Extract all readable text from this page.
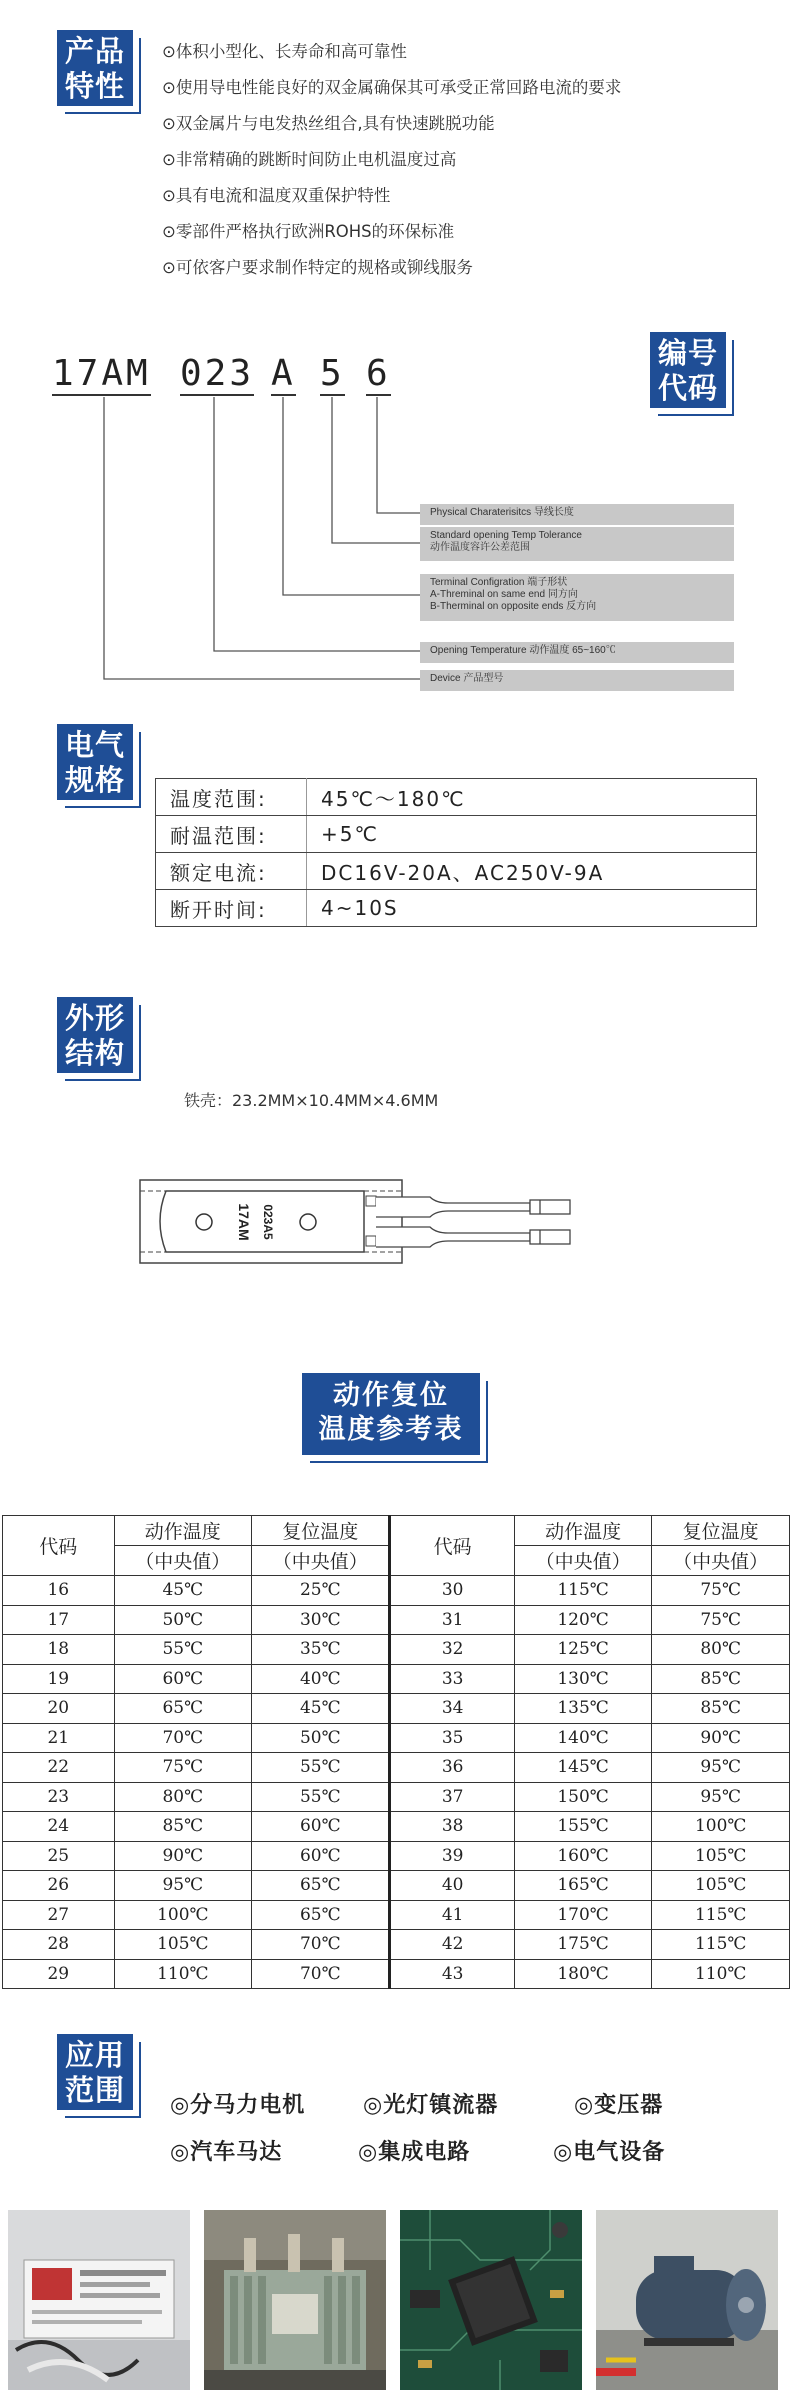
产品
特性
⊙体积小型化、长寿命和高可靠性
⊙使用导电性能良好的双金属确保其可承受正常回路电流的要求
⊙双金属片与电发热丝组合,具有快速跳脱功能
⊙非常精确的跳断时间防止电机温度过高
⊙具有电流和温度双重保护特性
⊙零部件严格执行欧洲ROHS的环保标准
⊙可依客户要求制作特定的规格或铆线服务
编号
代码
17AM 023 A 5 6
Physical Charaterisitcs 导线长度
Standard opening Temp Tolerance
动作温度容许公差范围
Terminal Configration 端子形状
A-Threminal on same end 同方向
B-Therminal on opposite ends 反方向
Opening Temperature 动作温度 65~160℃
Device 产品型号
电气
规格
温度范围:	45℃～180℃
耐温范围:	+5℃
额定电流:	DC16V-20A、AC250V-9A
断开时间:	4~10S
外形
结构
铁壳：23.2MM×10.4MM×4.6MM
17AM 023A5
动作复位
温度参考表
代码	动作温度	复位温度	代码	动作温度	复位温度
	（中央值）	（中央值）		（中央值）	（中央值）
16	45℃	25℃	30	115℃	75℃
17	50℃	30℃	31	120℃	75℃
18	55℃	35℃	32	125℃	80℃
19	60℃	40℃	33	130℃	85℃
20	65℃	45℃	34	135℃	85℃
21	70℃	50℃	35	140℃	90℃
22	75℃	55℃	36	145℃	95℃
23	80℃	55℃	37	150℃	95℃
24	85℃	60℃	38	155℃	100℃
25	90℃	60℃	39	160℃	105℃
26	95℃	65℃	40	165℃	105℃
27	100℃	65℃	41	170℃	115℃
28	105℃	70℃	42	175℃	115℃
29	110℃	70℃	43	180℃	110℃
应用
范围	◎分马力电机	◎光灯镇流器	◎变压器
◎汽车马达	◎集成电路	◎电气设备
